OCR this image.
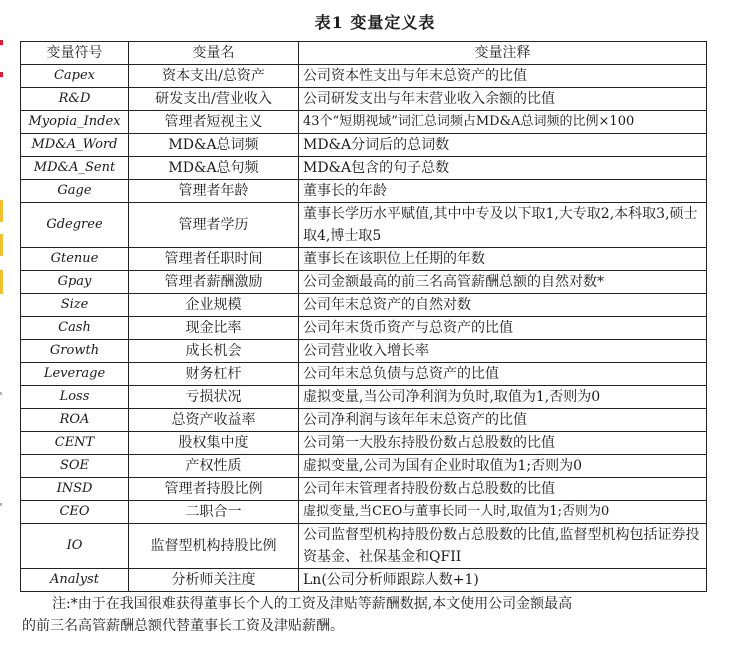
表1 变量定义表
变量符号	变量名	变量注释
Capex	资本支出/总资产	公司资本性支出与年末总资产的比值
R&D	研发支出/营业收入	公司研发支出与年末营业收入余额的比值
Myopia_Index	管理者短视主义	43个“短期视域”词汇总词频占MD&A总词频的比例×100
MD&A_Word	MD&A总词频	MD&A分词后的总词数
MD&A_Sent	MD&A总句频	MD&A包含的句子总数
Gage	管理者年龄	董事长的年龄
Gdegree	管理者学历	董事长学历水平赋值,其中中专及以下取1,大专取2,本科取3,硕士取4,博士取5
Gtenue	管理者任职时间	董事长在该职位上任期的年数
Gpay	管理者薪酬激励	公司金额最高的前三名高管薪酬总额的自然对数*
Size	企业规模	公司年末总资产的自然对数
Cash	现金比率	公司年末货币资产与总资产的比值
Growth	成长机会	公司营业收入增长率
Leverage	财务杠杆	公司年末总负债与总资产的比值
Loss	亏损状况	虚拟变量,当公司净利润为负时,取值为1,否则为0
ROA	总资产收益率	公司净利润与该年年末总资产的比值
CENT	股权集中度	公司第一大股东持股份数占总股数的比值
SOE	产权性质	虚拟变量,公司为国有企业时取值为1;否则为0
INSD	管理者持股比例	公司年末管理者持股份数占总股数的比值
CEO	二职合一	虚拟变量,当CEO与董事长同一人时,取值为1;否则为0
IO	监督型机构持股比例	公司监督型机构持股份数占总股数的比值,监督型机构包括证券投资基金、社保基金和QFII
Analyst	分析师关注度	Ln(公司分析师跟踪人数+1)
注:*由于在我国很难获得董事长个人的工资及津贴等薪酬数据,本文使用公司金额最高
的前三名高管薪酬总额代替董事长工资及津贴薪酬。
